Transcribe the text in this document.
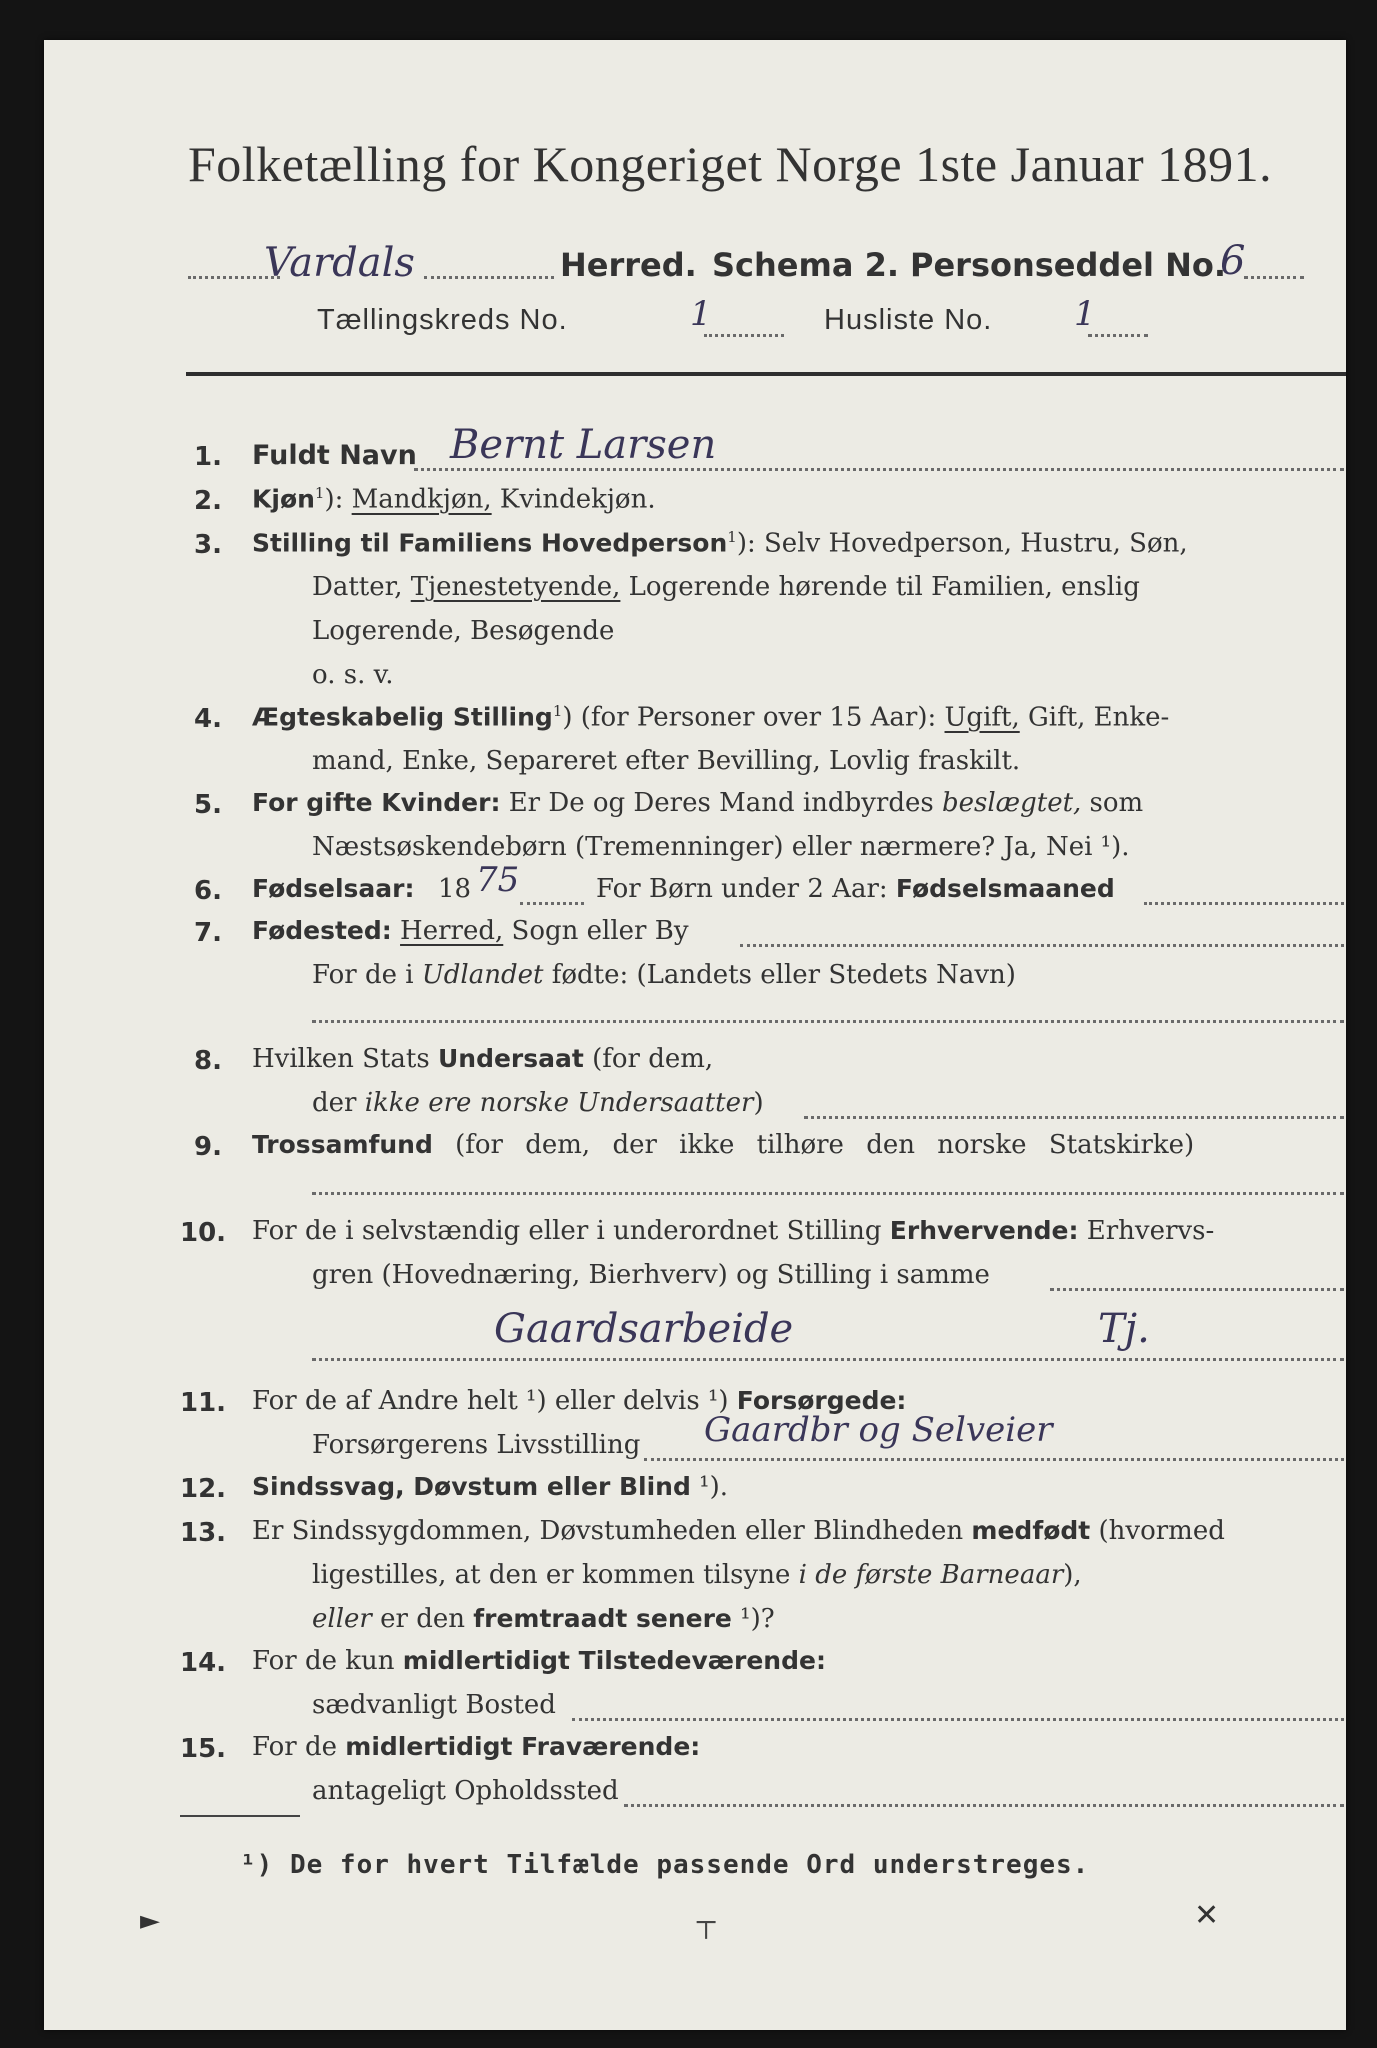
Folketælling for Kongeriget Norge 1ste Januar 1891.
Vardals	Herred. Schema 2. Personseddel No.
6
Tællingskreds No.	1	Husliste No. 1
1. Fuldt Navn Bernt Larsen
2. Kjøn$^1$): Mandkjøn, Kvindekjøn.
3. Stilling til Familiens Hovedperson$^1$): Selv Hovedperson, Hustru, Søn,
Datter, Tjenestetyende, Logerende hørende til Familien, enslig
Logerende, Besøgende
o. s. v.
4. Ægteskabelig Stilling$^1$) (for Personer over 15 Aar): Ugift, Gift, Enke-
mand, Enke, Separeret efter Bevilling, Lovlig fraskilt.
5. For gifte Kvinder: Er De og Deres Mand indbyrdes beslægtet, som
Næstsøskendebørn (Tremenninger) eller nærmere? Ja, Nei ¹).
6. Fødselsaar: 18 75	For Børn under 2 Aar: Fødselsmaaned
7. Fødested: Herred, Sogn eller By
For de i Udlandet fødte: (Landets eller Stedets Navn)
8. Hvilken Stats Undersaat (for dem,
der ikke ere norske Undersaatter)
9. Trossamfund (for dem, der ikke tilhøre den norske Statskirke)
10. For de i selvstændig eller i underordnet Stilling Erhvervende: Erhvervs-
gren (Hovednæring, Bierhverv) og Stilling i samme
Gaardsarbeide	Tj.
11. For de af Andre helt ¹) eller delvis ¹) Forsørgede:
Forsørgerens Livsstilling Gaardbr og Selveier
12. Sindssvag, Døvstum eller Blind ¹).
13. Er Sindssygdommen, Døvstumheden eller Blindheden medfødt (hvormed
ligestilles, at den er kommen tilsyne i de første Barneaar),
eller er den fremtraadt senere ¹)?
14. For de kun midlertidigt Tilstedeværende:
sædvanligt Bosted
15. For de midlertidigt Fraværende:
antageligt Opholdssted
¹) De for hvert Tilfælde passende Ord understreges.
►	⊤	✕
